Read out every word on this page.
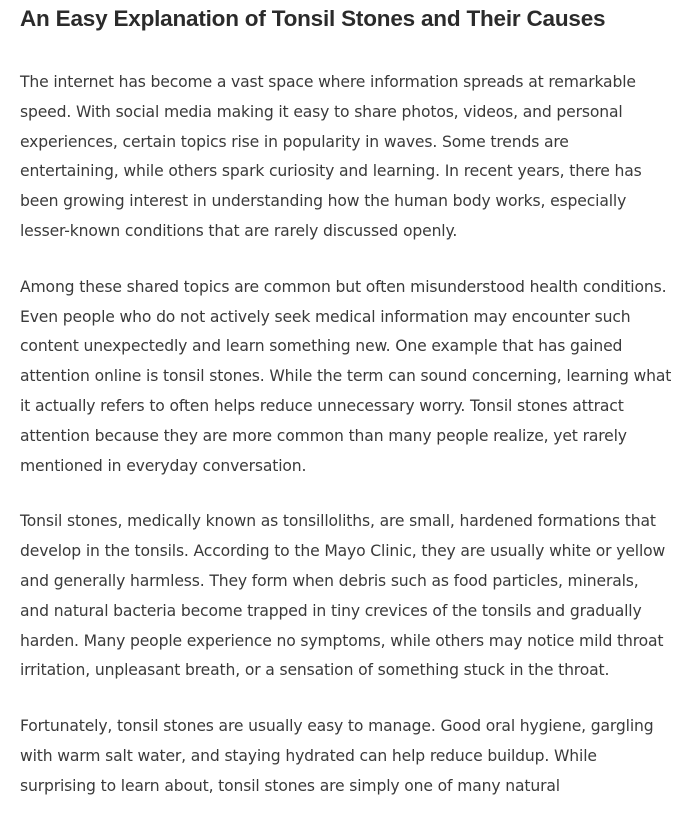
An Easy Explanation of Tonsil Stones and Their Causes

The internet has become a vast space where information spreads at remarkable speed. With social media making it easy to share photos, videos, and personal experiences, certain topics rise in popularity in waves. Some trends are entertaining, while others spark curiosity and learning. In recent years, there has been growing interest in understanding how the human body works, especially lesser-known conditions that are rarely discussed openly.

Among these shared topics are common but often misunderstood health conditions. Even people who do not actively seek medical information may encounter such content unexpectedly and learn something new. One example that has gained attention online is tonsil stones. While the term can sound concerning, learning what it actually refers to often helps reduce unnecessary worry. Tonsil stones attract attention because they are more common than many people realize, yet rarely mentioned in everyday conversation.

Tonsil stones, medically known as tonsilloliths, are small, hardened formations that develop in the tonsils. According to the Mayo Clinic, they are usually white or yellow and generally harmless. They form when debris such as food particles, minerals, and natural bacteria become trapped in tiny crevices of the tonsils and gradually harden. Many people experience no symptoms, while others may notice mild throat irritation, unpleasant breath, or a sensation of something stuck in the throat.

Fortunately, tonsil stones are usually easy to manage. Good oral hygiene, gargling with warm salt water, and staying hydrated can help reduce buildup. While surprising to learn about, tonsil stones are simply one of many natural
